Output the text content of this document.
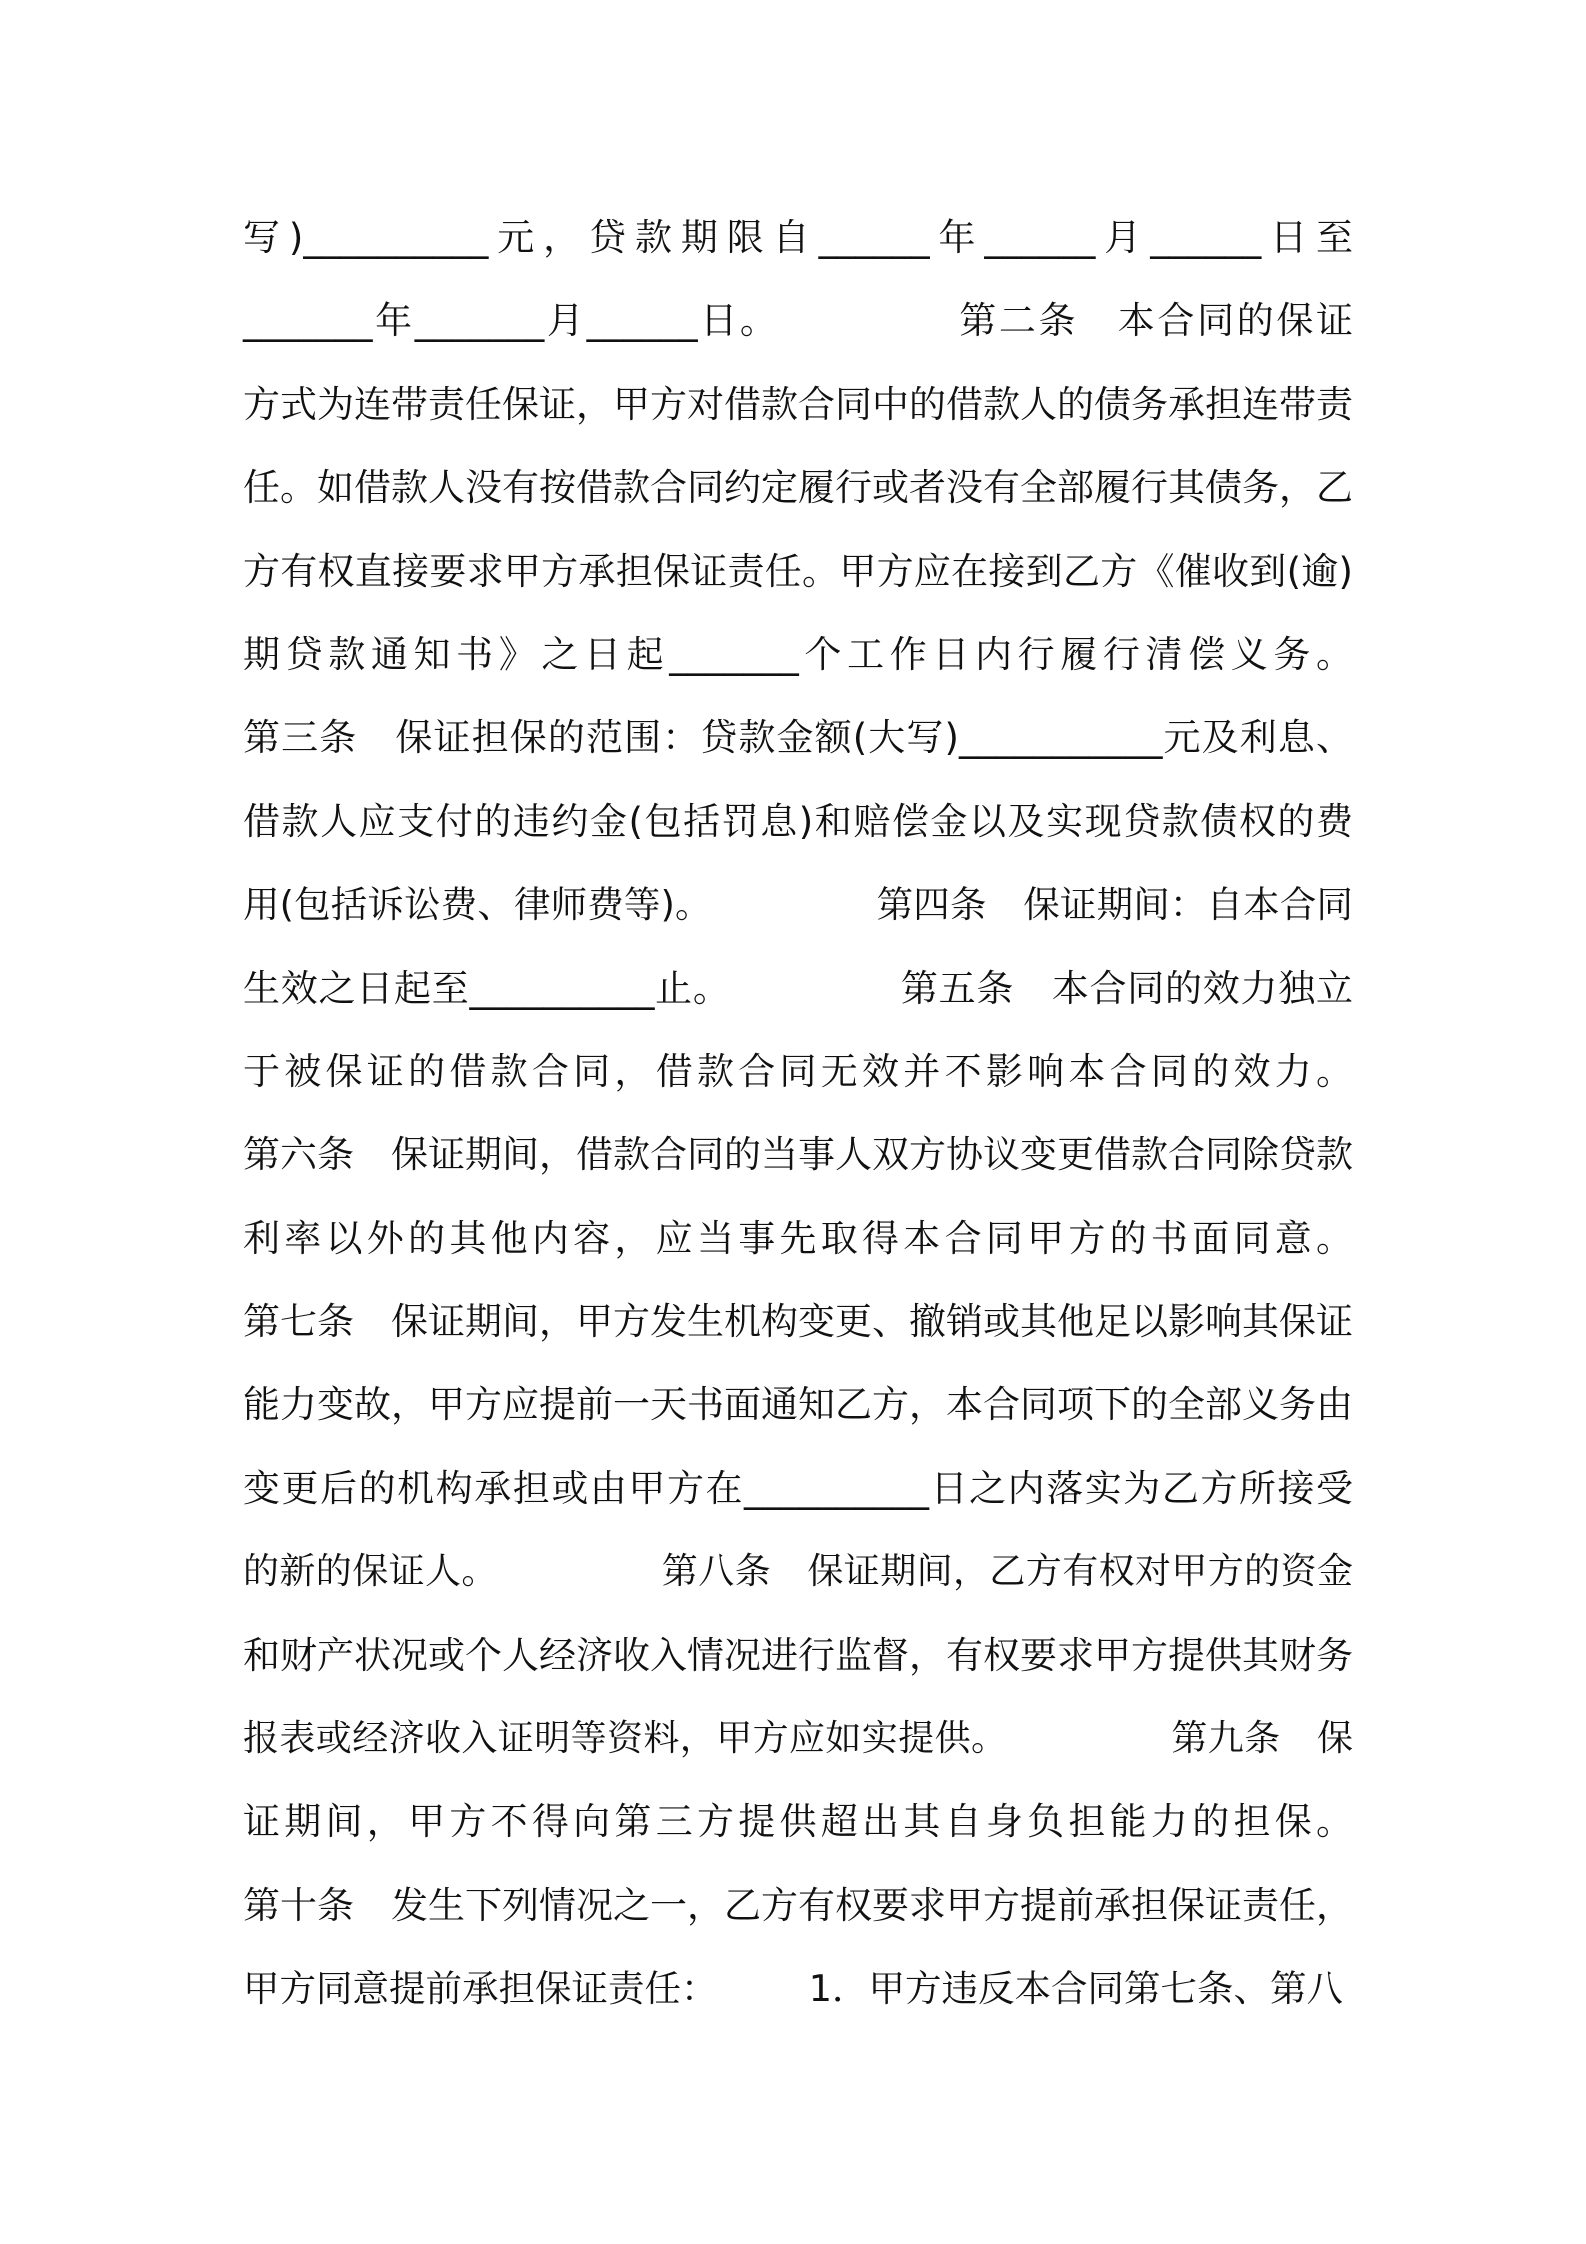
写)__________元，贷款期限自______年______月______日至
_______年_______月______日。　　　　　第二条　本合同的保证
方式为连带责任保证，甲方对借款合同中的借款人的债务承担连带责
任。如借款人没有按借款合同约定履行或者没有全部履行其债务，乙
方有权直接要求甲方承担保证责任。甲方应在接到乙方《催收到(逾)
期贷款通知书》之日起_______个工作日内行履行清偿义务。
第三条　保证担保的范围：贷款金额(大写)___________元及利息、
借款人应支付的违约金(包括罚息)和赔偿金以及实现贷款债权的费
用(包括诉讼费、律师费等)。　　　　　第四条　保证期间：自本合同
生效之日起至__________止。　　　　　第五条　本合同的效力独立
于被保证的借款合同，借款合同无效并不影响本合同的效力。
第六条　保证期间，借款合同的当事人双方协议变更借款合同除贷款
利率以外的其他内容，应当事先取得本合同甲方的书面同意。
第七条　保证期间，甲方发生机构变更、撤销或其他足以影响其保证
能力变故，甲方应提前一天书面通知乙方，本合同项下的全部义务由
变更后的机构承担或由甲方在__________日之内落实为乙方所接受
的新的保证人。　　　　　第八条　保证期间，乙方有权对甲方的资金
和财产状况或个人经济收入情况进行监督，有权要求甲方提供其财务
报表或经济收入证明等资料，甲方应如实提供。　　　　　第九条　保
证期间，甲方不得向第三方提供超出其自身负担能力的担保。
第十条　发生下列情况之一，乙方有权要求甲方提前承担保证责任，
甲方同意提前承担保证责任：　　　1．甲方违反本合同第七条、第八
